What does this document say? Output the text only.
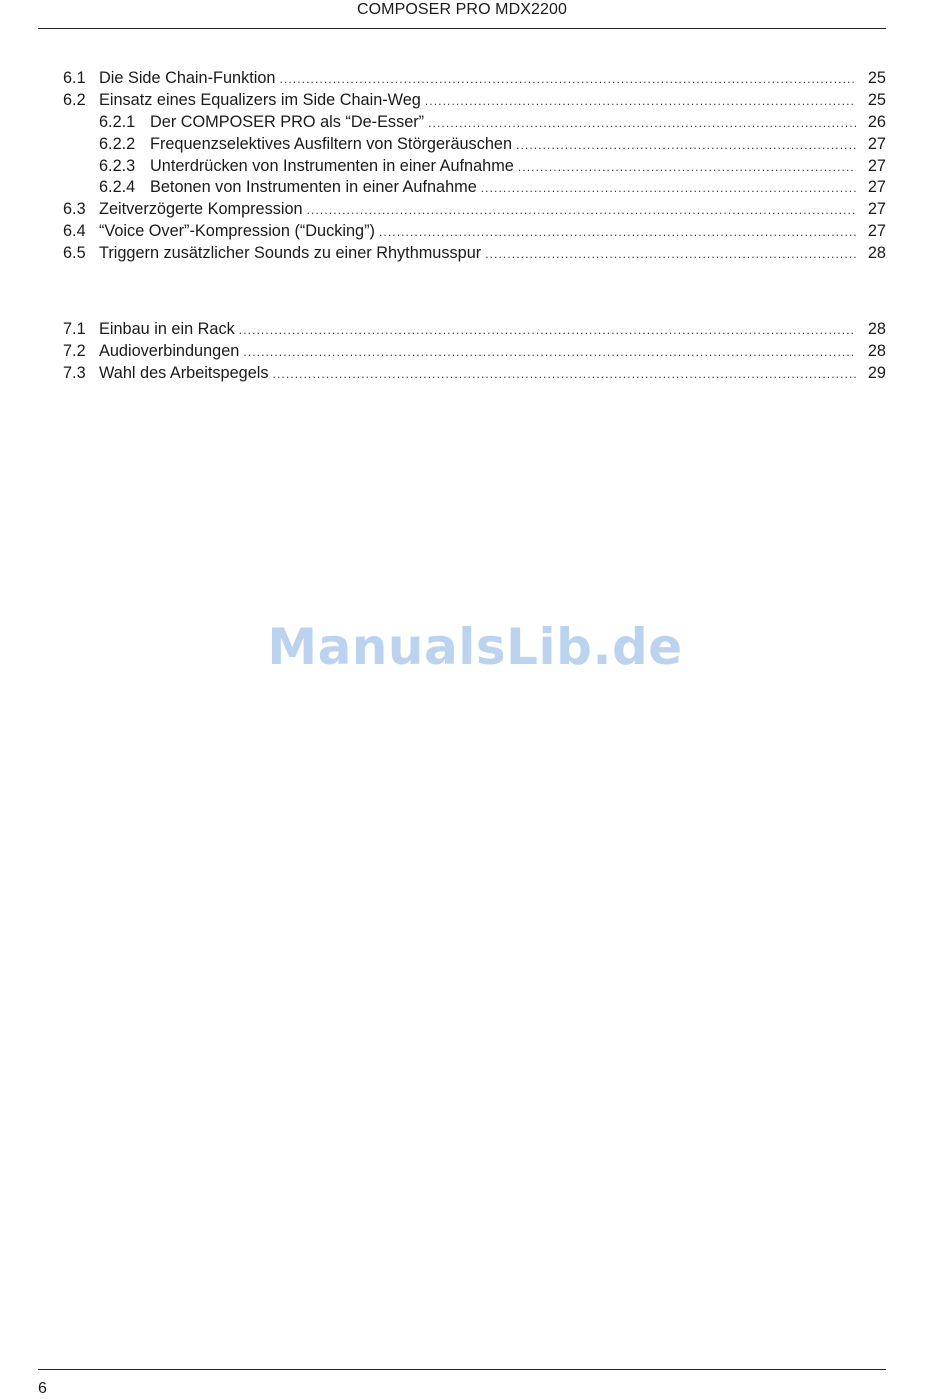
COMPOSER PRO MDX2200
6.1 Die Side Chain-Funktion .....	25
6.2 Einsatz eines Equalizers im Side Chain-Weg .....	25
6.2.1 Der COMPOSER PRO als “De-Esser” .....	26
6.2.2 Frequenzselektives Ausfiltern von Störgeräuschen .....	27
6.2.3 Unterdrücken von Instrumenten in einer Aufnahme .....	27
6.2.4 Betonen von Instrumenten in einer Aufnahme .....	27
6.3 Zeitverzögerte Kompression .....	27
6.4 “Voice Over”-Kompression (“Ducking”) .....	27
6.5 Triggern zusätzlicher Sounds zu einer Rhythmusspur .....	28
7.1 Einbau in ein Rack .....	28
7.2 Audioverbindungen .....	28
7.3 Wahl des Arbeitspegels .....	29
ManualsLib.de
6
